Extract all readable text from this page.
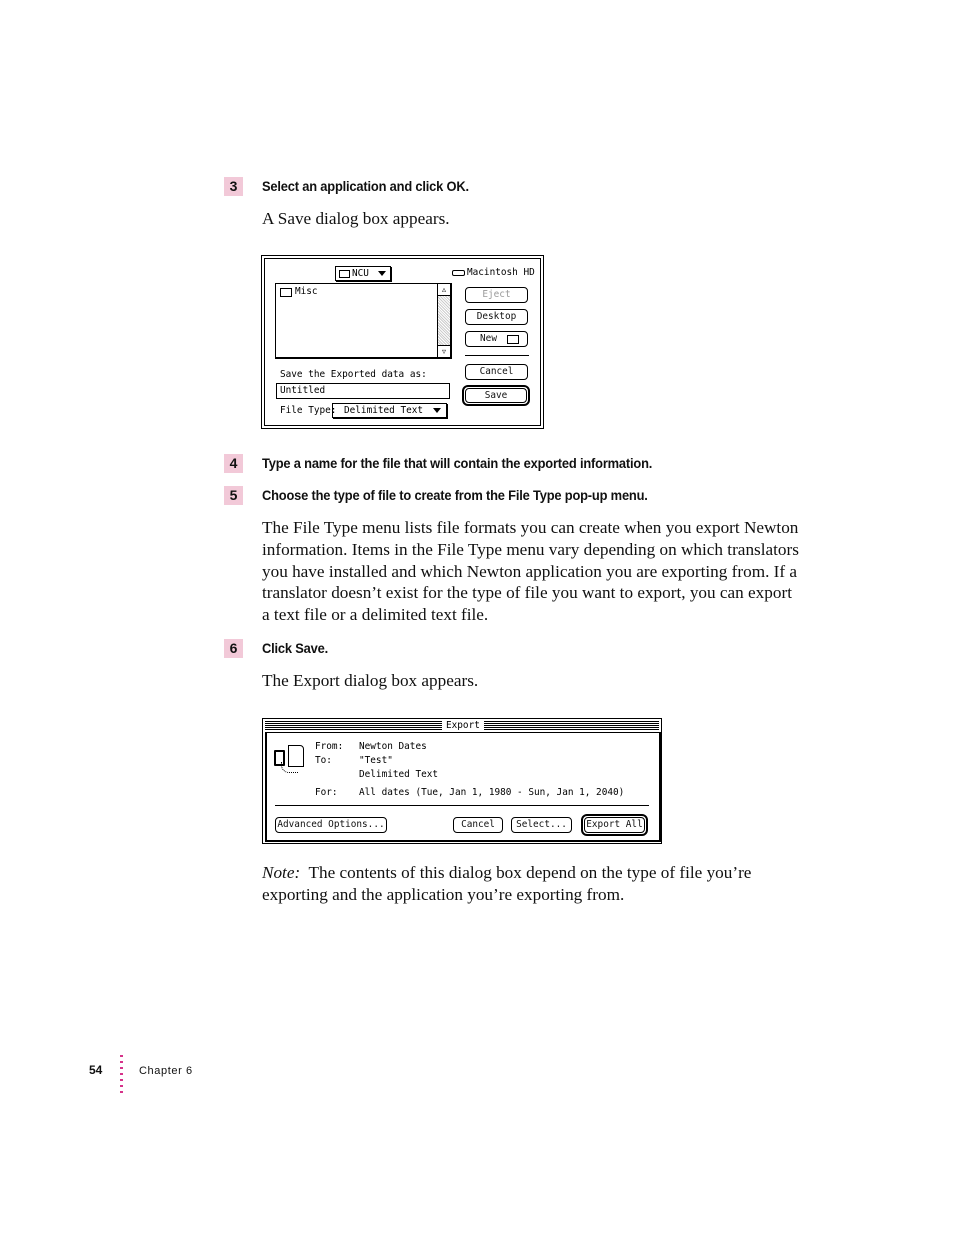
3	Select an application and click OK.
A Save dialog box appears.
NCU	Macintosh HD
Misc	▵
▿
Eject
Desktop
New
Cancel
Save
Save the Exported data as:
Untitled
File Type: Delimited Text
4	Type a name for the file that will contain the exported information.
5	Choose the type of file to create from the File Type pop-up menu.
The File Type menu lists file formats you can create when you export Newton information. Items in the File Type menu vary depending on which translators you have installed and which Newton application you are exporting from. If a translator doesn’t exist for the type of file you want to export, you can export a text file or a delimited text file.
6	Click Save.
The Export dialog box appears.
Export
From: Newton Dates
To:	"Test"
Delimited Text
For: All dates (Tue, Jan 1, 1980 - Sun, Jan 1, 2040)
Advanced Options...	Cancel	Select...	Export All
Note: The contents of this dialog box depend on the type of file you’re exporting and the application you’re exporting from.
54	Chapter 6
